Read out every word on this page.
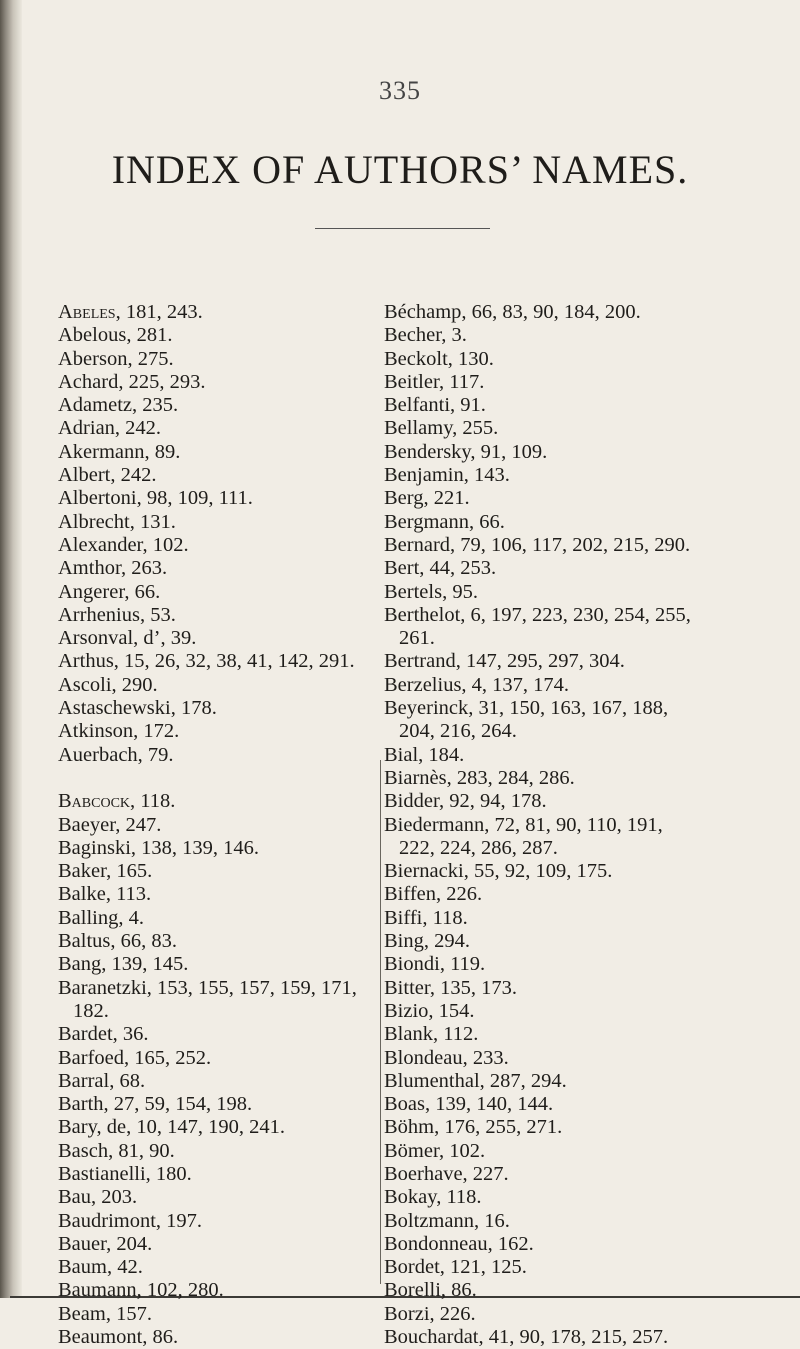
335
INDEX OF AUTHORS’ NAMES.
Abeles, 181, 243.
Abelous, 281.
Aberson, 275.
Achard, 225, 293.
Adametz, 235.
Adrian, 242.
Akermann, 89.
Albert, 242.
Albertoni, 98, 109, 111.
Albrecht, 131.
Alexander, 102.
Amthor, 263.
Angerer, 66.
Arrhenius, 53.
Arsonval, d’, 39.
Arthus, 15, 26, 32, 38, 41, 142, 291.
Ascoli, 290.
Astaschewski, 178.
Atkinson, 172.
Auerbach, 79.
Babcock, 118.
Baeyer, 247.
Baginski, 138, 139, 146.
Baker, 165.
Balke, 113.
Balling, 4.
Baltus, 66, 83.
Bang, 139, 145.
Baranetzki, 153, 155, 157, 159, 171,
182.
Bardet, 36.
Barfoed, 165, 252.
Barral, 68.
Barth, 27, 59, 154, 198.
Bary, de, 10, 147, 190, 241.
Basch, 81, 90.
Bastianelli, 180.
Bau, 203.
Baudrimont, 197.
Bauer, 204.
Baum, 42.
Baumann, 102, 280.
Beam, 157.
Beaumont, 86.
Béchamp, 66, 83, 90, 184, 200.
Becher, 3.
Beckolt, 130.
Beitler, 117.
Belfanti, 91.
Bellamy, 255.
Bendersky, 91, 109.
Benjamin, 143.
Berg, 221.
Bergmann, 66.
Bernard, 79, 106, 117, 202, 215, 290.
Bert, 44, 253.
Bertels, 95.
Berthelot, 6, 197, 223, 230, 254, 255,
261.
Bertrand, 147, 295, 297, 304.
Berzelius, 4, 137, 174.
Beyerinck, 31, 150, 163, 167, 188,
204, 216, 264.
Bial, 184.
Biarnès, 283, 284, 286.
Bidder, 92, 94, 178.
Biedermann, 72, 81, 90, 110, 191,
222, 224, 286, 287.
Biernacki, 55, 92, 109, 175.
Biffen, 226.
Biffi, 118.
Bing, 294.
Biondi, 119.
Bitter, 135, 173.
Bizio, 154.
Blank, 112.
Blondeau, 233.
Blumenthal, 287, 294.
Boas, 139, 140, 144.
Böhm, 176, 255, 271.
Bömer, 102.
Boerhave, 227.
Bokay, 118.
Boltzmann, 16.
Bondonneau, 162.
Bordet, 121, 125.
Borelli, 86.
Borzi, 226.
Bouchardat, 41, 90, 178, 215, 257.
